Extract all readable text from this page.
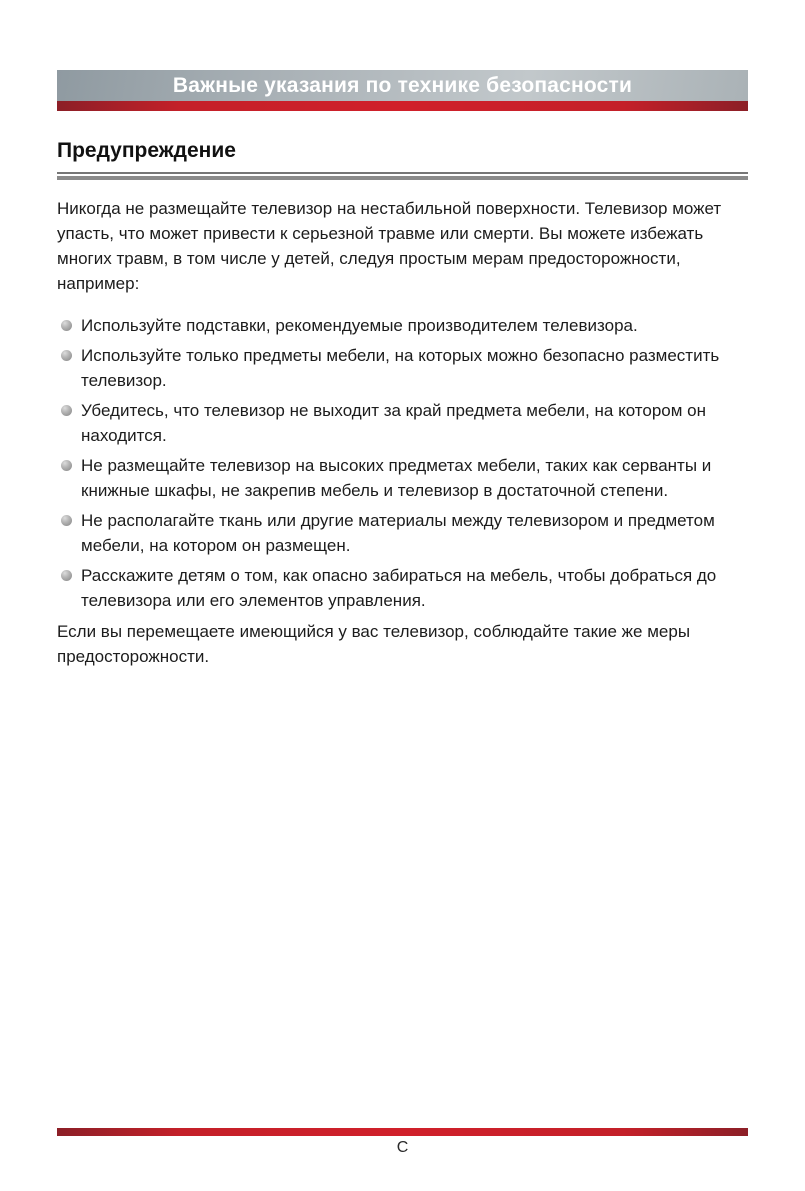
Важные указания по технике безопасности
Предупреждение

Никогда не размещайте телевизор на нестабильной поверхности. Телевизор может упасть, что может привести к серьезной травме или смерти. Вы можете избежать многих травм, в том числе у детей, следуя простым мерам предосторожности, например:

Используйте подставки, рекомендуемые производителем телевизора.
Используйте только предметы мебели, на которых можно безопасно разместить телевизор.
Убедитесь, что телевизор не выходит за край предмета мебели, на котором он находится.
Не размещайте телевизор на высоких предметах мебели, таких как серванты и книжные шкафы, не закрепив мебель и телевизор в достаточной степени.
Не располагайте ткань или другие материалы между телевизором и предметом мебели, на котором он размещен.
Расскажите детям о том, как опасно забираться на мебель, чтобы добраться до телевизора или его элементов управления.

Если вы перемещаете имеющийся у вас телевизор, соблюдайте такие же меры предосторожности.

C
